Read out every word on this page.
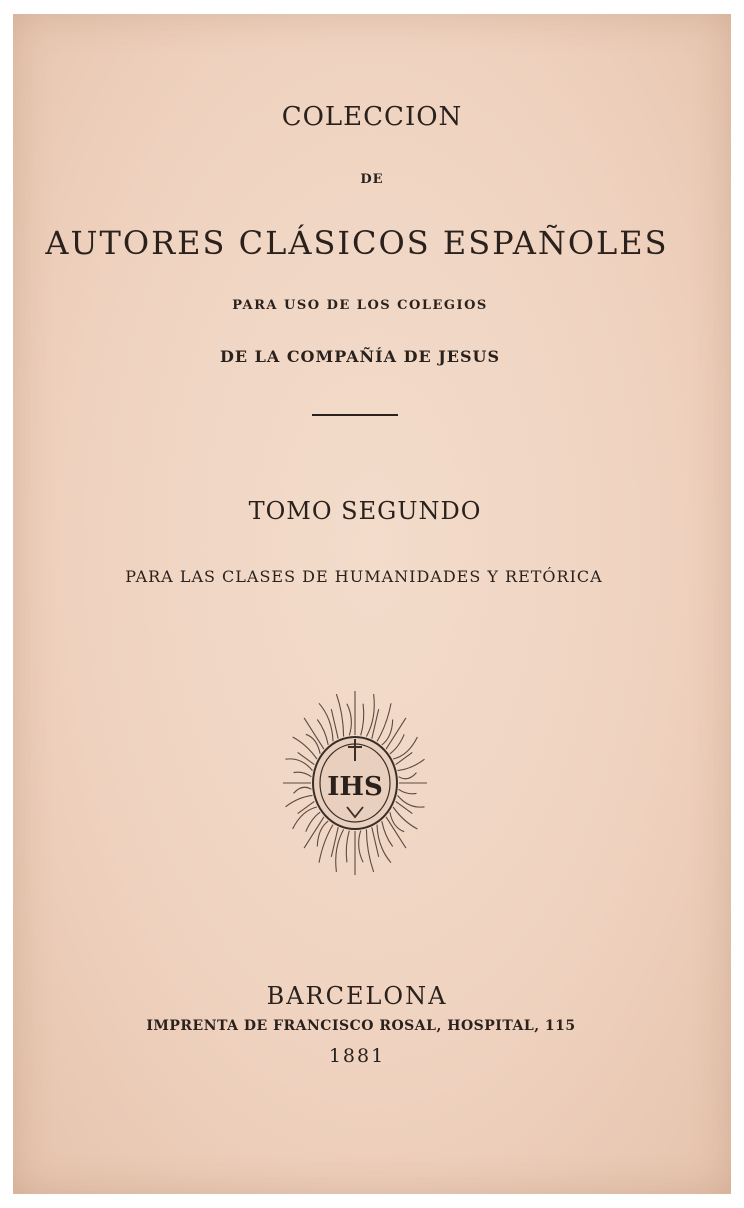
COLECCION
DE
AUTORES CLÁSICOS ESPAÑOLES
PARA USO DE LOS COLEGIOS
DE LA COMPAÑÍA DE JESUS
TOMO SEGUNDO
PARA LAS CLASES DE HUMANIDADES Y RETÓRICA
IHS
BARCELONA
IMPRENTA DE FRANCISCO ROSAL, HOSPITAL, 115
1881
